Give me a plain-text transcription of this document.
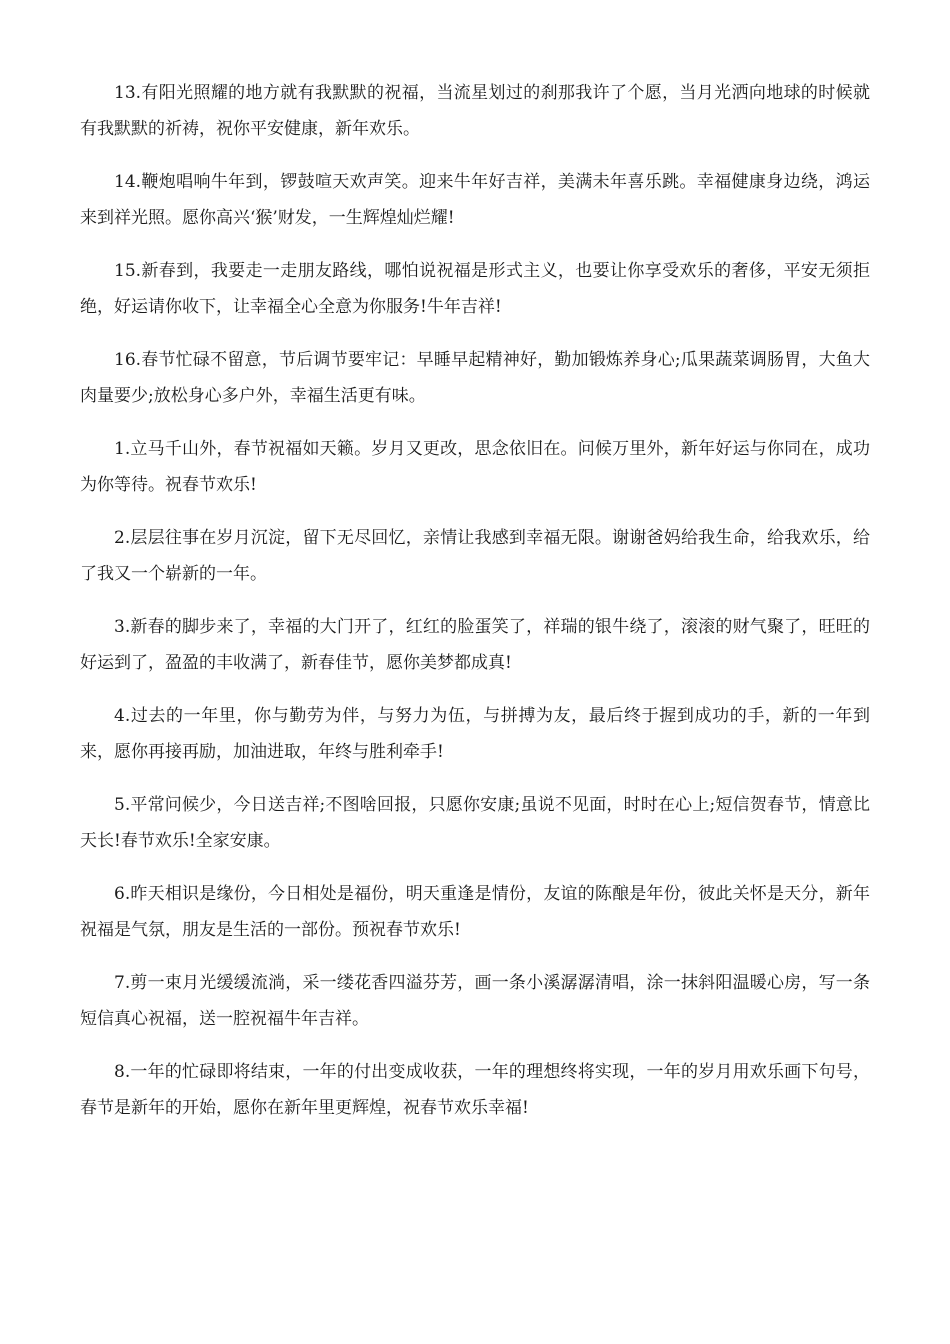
13.有阳光照耀的地方就有我默默的祝福，当流星划过的刹那我许了个愿，当月光洒向地球的时候就有我默默的祈祷，祝你平安健康，新年欢乐。

14.鞭炮唱响牛年到，锣鼓喧天欢声笑。迎来牛年好吉祥，美满未年喜乐跳。幸福健康身边绕，鸿运来到祥光照。愿你高兴‘猴’财发，一生辉煌灿烂耀!

15.新春到，我要走一走朋友路线，哪怕说祝福是形式主义，也要让你享受欢乐的奢侈，平安无须拒绝，好运请你收下，让幸福全心全意为你服务!牛年吉祥!

16.春节忙碌不留意，节后调节要牢记：早睡早起精神好，勤加锻炼养身心;瓜果蔬菜调肠胃，大鱼大肉量要少;放松身心多户外，幸福生活更有味。

1.立马千山外，春节祝福如天籁。岁月又更改，思念依旧在。问候万里外，新年好运与你同在，成功为你等待。祝春节欢乐!

2.层层往事在岁月沉淀，留下无尽回忆，亲情让我感到幸福无限。谢谢爸妈给我生命，给我欢乐，给了我又一个崭新的一年。

3.新春的脚步来了，幸福的大门开了，红红的脸蛋笑了，祥瑞的银牛绕了，滚滚的财气聚了，旺旺的好运到了，盈盈的丰收满了，新春佳节，愿你美梦都成真!

4.过去的一年里，你与勤劳为伴，与努力为伍，与拼搏为友，最后终于握到成功的手，新的一年到来，愿你再接再励，加油进取，年终与胜利牵手!

5.平常问候少，今日送吉祥;不图啥回报，只愿你安康;虽说不见面，时时在心上;短信贺春节，情意比天长!春节欢乐!全家安康。

6.昨天相识是缘份，今日相处是福份，明天重逢是情份，友谊的陈酿是年份，彼此关怀是天分，新年祝福是气氛，朋友是生活的一部份。预祝春节欢乐!

7.剪一束月光缓缓流淌，采一缕花香四溢芬芳，画一条小溪潺潺清唱，涂一抹斜阳温暖心房，写一条短信真心祝福，送一腔祝福牛年吉祥。

8.一年的忙碌即将结束，一年的付出变成收获，一年的理想终将实现，一年的岁月用欢乐画下句号，春节是新年的开始，愿你在新年里更辉煌，祝春节欢乐幸福!
